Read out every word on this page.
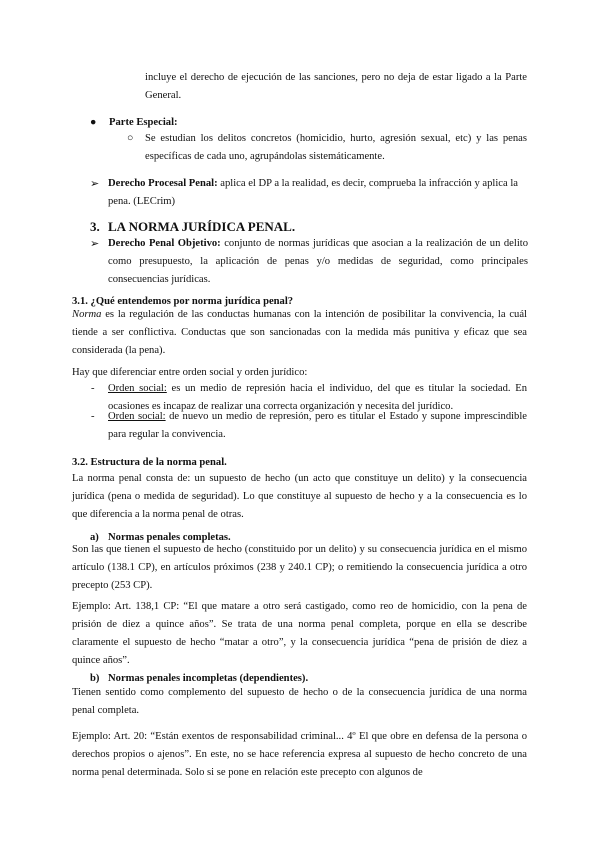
incluye el derecho de ejecución de las sanciones, pero no deja de estar ligado a la Parte General.

● Parte Especial:

○ Se estudian los delitos concretos (homicidio, hurto, agresión sexual, etc) y las penas específicas de cada uno, agrupándolas sistemáticamente.

➢ Derecho Procesal Penal: aplica el DP a la realidad, es decir, comprueba la infracción y aplica la pena. (LECrim)

3. LA NORMA JURÍDICA PENAL.
➢ Derecho Penal Objetivo: conjunto de normas jurídicas que asocian a la realización de un delito como presupuesto, la aplicación de penas y/o medidas de seguridad, como principales consecuencias jurídicas.

3.1. ¿Qué entendemos por norma jurídica penal?

Norma es la regulación de las conductas humanas con la intención de posibilitar la convivencia, la cuál tiende a ser conflictiva. Conductas que son sancionadas con la medida más punitiva y eficaz que sea considerada (la pena).

Hay que diferenciar entre orden social y orden jurídico:

- Orden social: es un medio de represión hacia el individuo, del que es titular la sociedad. En ocasiones es incapaz de realizar una correcta organización y necesita del jurídico.

- Orden social: de nuevo un medio de represión, pero es titular el Estado y supone imprescindible para regular la convivencia.

3.2. Estructura de la norma penal.

La norma penal consta de: un supuesto de hecho (un acto que constituye un delito) y la consecuencia jurídica (pena o medida de seguridad). Lo que constituye al supuesto de hecho y a la consecuencia es lo que diferencia a la norma penal de otras.

a) Normas penales completas.

Son las que tienen el supuesto de hecho (constituido por un delito) y su consecuencia jurídica en el mismo artículo (138.1 CP), en artículos próximos (238 y 240.1 CP); o remitiendo la consecuencia jurídica a otro precepto (253 CP).

Ejemplo: Art. 138,1 CP: “El que matare a otro será castigado, como reo de homicidio, con la pena de prisión de diez a quince años”. Se trata de una norma penal completa, porque en ella se describe claramente el supuesto de hecho “matar a otro”, y la consecuencia jurídica “pena de prisión de diez a quince años”.

b) Normas penales incompletas (dependientes).

Tienen sentido como complemento del supuesto de hecho o de la consecuencia jurídica de una norma penal completa.

Ejemplo: Art. 20: “Están exentos de responsabilidad criminal... 4º El que obre en defensa de la persona o derechos propios o ajenos”. En este, no se hace referencia expresa al supuesto de hecho concreto de una norma penal determinada. Solo si se pone en relación este precepto con algunos de
